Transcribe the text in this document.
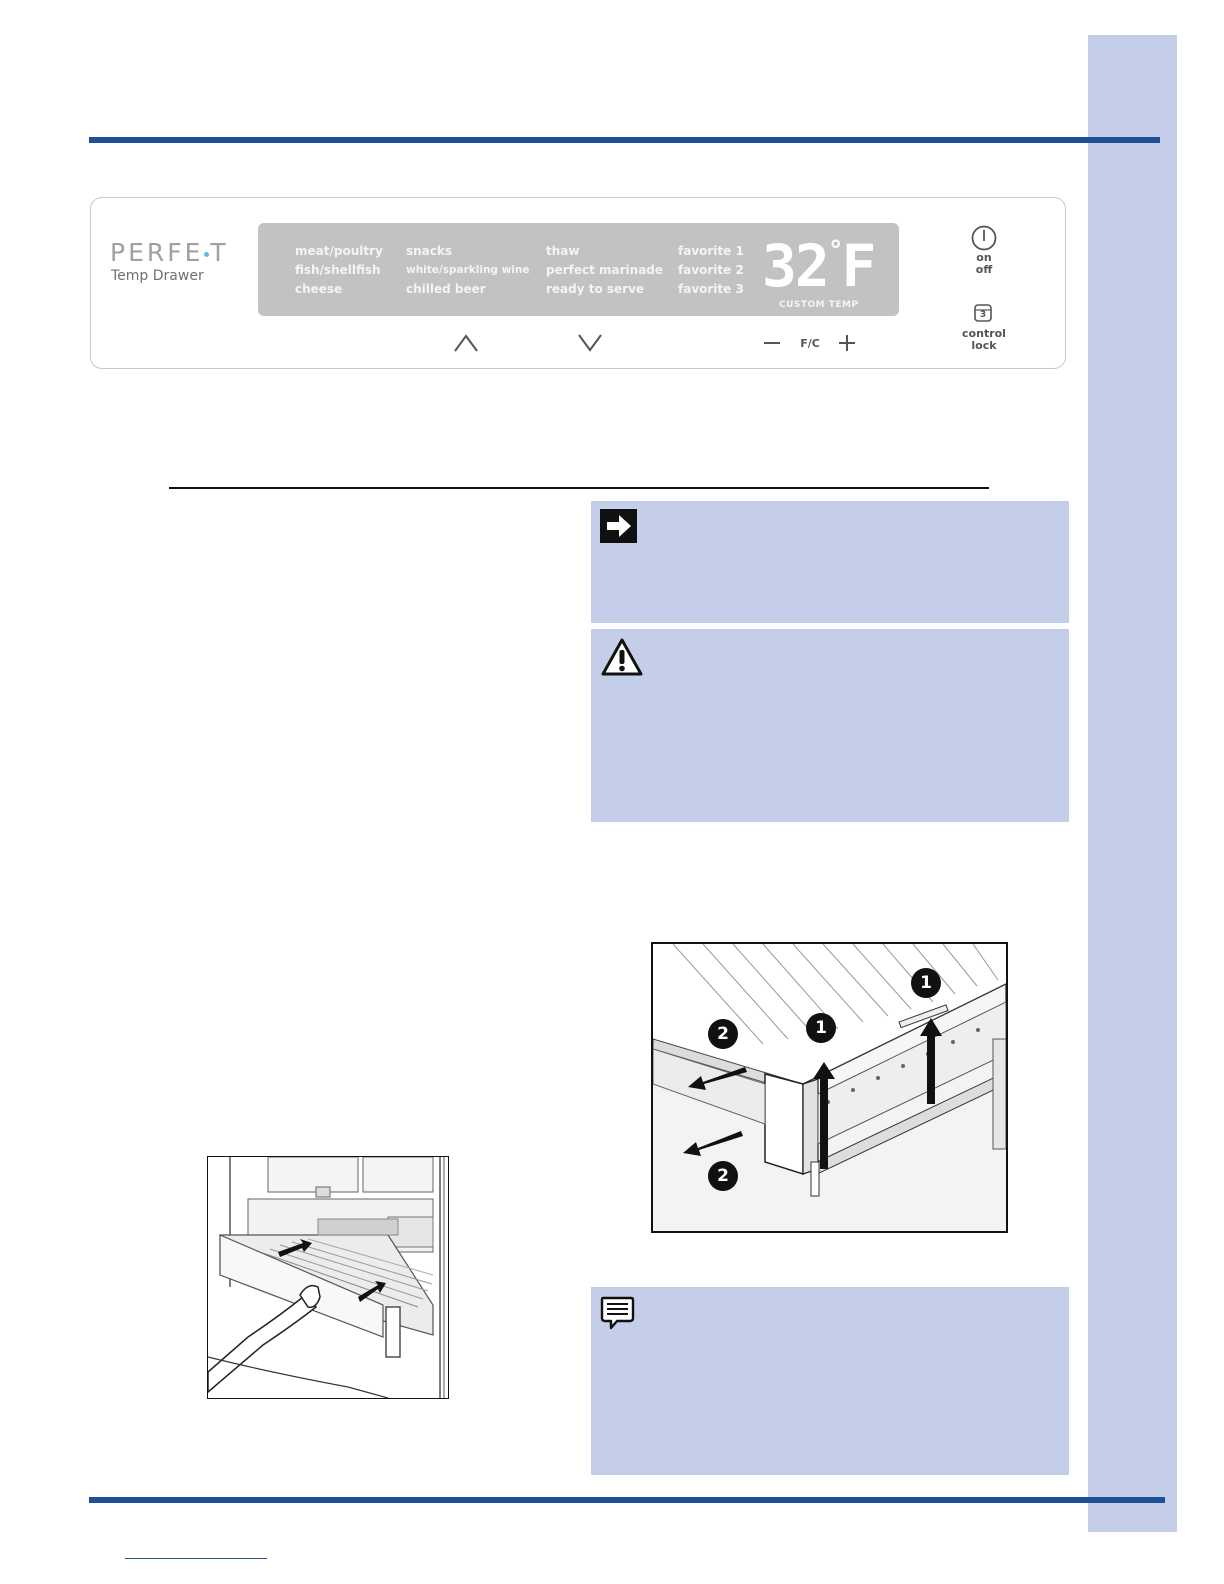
PERFE T
Temp Drawer
meat/poultry
fish/shellfish
cheese
snacks
white/sparkling wine
chilled beer
thaw
perfect marinade
ready to serve
favorite 1
favorite 2
favorite 3 32°F
CUSTOM TEMP
F/C
on
off
3
control
lock
2	1
1
2
